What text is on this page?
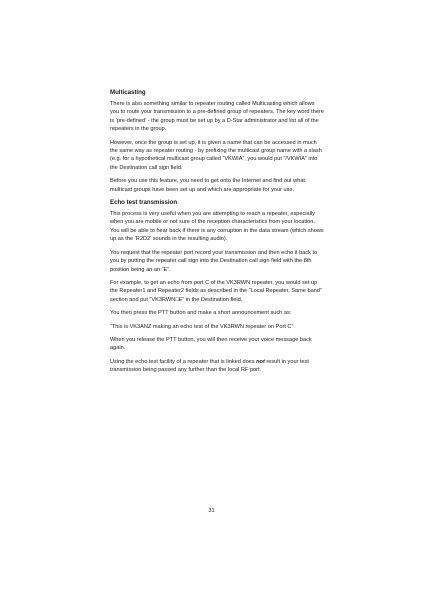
Multicasting

There is also something similar to repeater routing called Multicasting which allows you to route your transmission to a pre-defined group of repeaters. The key word there is ‘pre-defined’ - the group must be set up by a D-Star administrator and list all of the repeaters in the group.

However, once the group is set up, it is given a name that can be accessed in much the same way as repeater routing - by prefixing the multicast group name with a slash (e.g. for a hypothetical multicast group called “VKWIA”, you would put “/VKWIA” into the Destination call sign field.

Before you use this feature, you need to get onto the Internet and find out what multicast groups have been set up and which are appropriate for your use.

Echo test transmission

This process is very useful when you are attempting to reach a repeater, especially when you are mobile or not sure of the reception characteristics from your location. You will be able to hear back if there is any corruption in the data stream (which shows up as the ‘R2D2’ sounds in the resulting audio).

You request that the repeater port record your transmission and then echo it back to you by putting the repeater call sign into the Destination call sign field with the 8th position being an an “E”.

For example, to get an echo from port C of the VK3RWN repeater, you would set up the Repeater1 and Repeater2 fields as described in the “Local Repeater, Same band” section and put “VK3RWN□E” in the Destination field.

You then press the PTT button and make a short announcement such as:

“This is VK3ANZ making an echo test of the VK3RWN repeater on Port C”

When you release the PTT button, you will then receive your voice message back again.

Using the echo test facility of a repeater that is linked does not result in your test transmission being passed any further than the local RF port.

31
